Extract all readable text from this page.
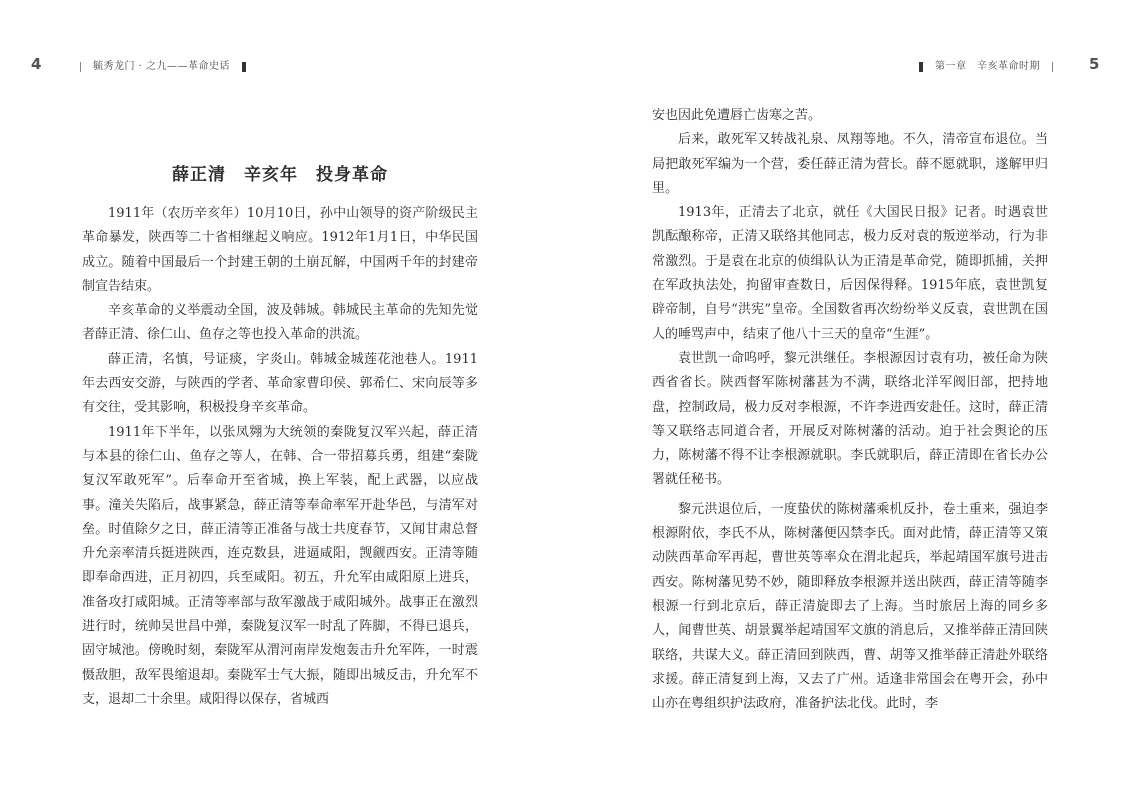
4	毓秀龙门 · 之九——革命史话	第一章　辛亥革命时期	5
薛正清　辛亥年　投身革命

1911年（农历辛亥年）10月10日，孙中山领导的资产阶级民主革命暴发，陕西等二十省相继起义响应。1912年1月1日，中华民国成立。随着中国最后一个封建王朝的土崩瓦解，中国两千年的封建帝制宣告结束。

辛亥革命的义举震动全国，波及韩城。韩城民主革命的先知先觉者薛正清、徐仁山、鱼存之等也投入革命的洪流。

薛正清，名慎，号证痰，字炎山。韩城金城莲花池巷人。1911年去西安交游，与陕西的学者、革命家曹印侯、郭希仁、宋向辰等多有交往，受其影响，积极投身辛亥革命。

1911年下半年，以张凤翙为大统领的秦陇复汉军兴起，薛正清与本县的徐仁山、鱼存之等人，在韩、合一带招募兵勇，组建“秦陇复汉军敢死军”。后奉命开至省城，换上军装，配上武器，以应战事。潼关失陷后，战事紧急，薛正清等奉命率军开赴华邑，与清军对垒。时值除夕之日，薛正清等正准备与战士共度春节，又闻甘肃总督升允亲率清兵挺进陕西，连克数县，进逼咸阳，觊觎西安。正清等随即奉命西进，正月初四，兵至咸阳。初五，升允军由咸阳原上进兵，准备攻打咸阳城。正清等率部与敌军激战于咸阳城外。战事正在激烈进行时，统帅吴世昌中弹，秦陇复汉军一时乱了阵脚，不得已退兵，固守城池。傍晚时刻，秦陇军从渭河南岸发炮轰击升允军阵，一时震慑敌胆，敌军畏缩退却。秦陇军士气大振，随即出城反击，升允军不支，退却二十余里。咸阳得以保存，省城西

安也因此免遭唇亡齿寒之苦。

后来，敢死军又转战礼泉、凤翔等地。不久，清帝宣布退位。当局把敢死军编为一个营，委任薛正清为营长。薛不愿就职，遂解甲归里。

1913年，正清去了北京，就任《大国民日报》记者。时遇袁世凯酝酿称帝，正清又联络其他同志，极力反对袁的叛逆举动，行为非常激烈。于是袁在北京的侦缉队认为正清是革命党，随即抓捕，关押在军政执法处，拘留审查数日，后因保得释。1915年底，袁世凯复辟帝制，自号“洪宪”皇帝。全国数省再次纷纷举义反袁，袁世凯在国人的唾骂声中，结束了他八十三天的皇帝“生涯”。

袁世凯一命呜呼，黎元洪继任。李根源因讨袁有功，被任命为陕西省省长。陕西督军陈树藩甚为不满，联络北洋军阀旧部，把持地盘，控制政局，极力反对李根源，不许李进西安赴任。这时，薛正清等又联络志同道合者，开展反对陈树藩的活动。迫于社会舆论的压力，陈树藩不得不让李根源就职。李氏就职后，薛正清即在省长办公署就任秘书。

黎元洪退位后，一度蛰伏的陈树藩乘机反扑，卷土重来，强迫李根源附依，李氏不从，陈树藩便囚禁李氏。面对此情，薛正清等又策动陕西革命军再起，曹世英等率众在渭北起兵，举起靖国军旗号进击西安。陈树藩见势不妙，随即释放李根源并送出陕西，薛正清等随李根源一行到北京后，薛正清旋即去了上海。当时旅居上海的同乡多人，闻曹世英、胡景翼举起靖国军文旗的消息后，又推举薛正清回陕联络，共谋大义。薛正清回到陕西，曹、胡等又推举薛正清赴外联络求援。薛正清复到上海，又去了广州。适逢非常国会在粤开会，孙中山亦在粤组织护法政府，准备护法北伐。此时，李
